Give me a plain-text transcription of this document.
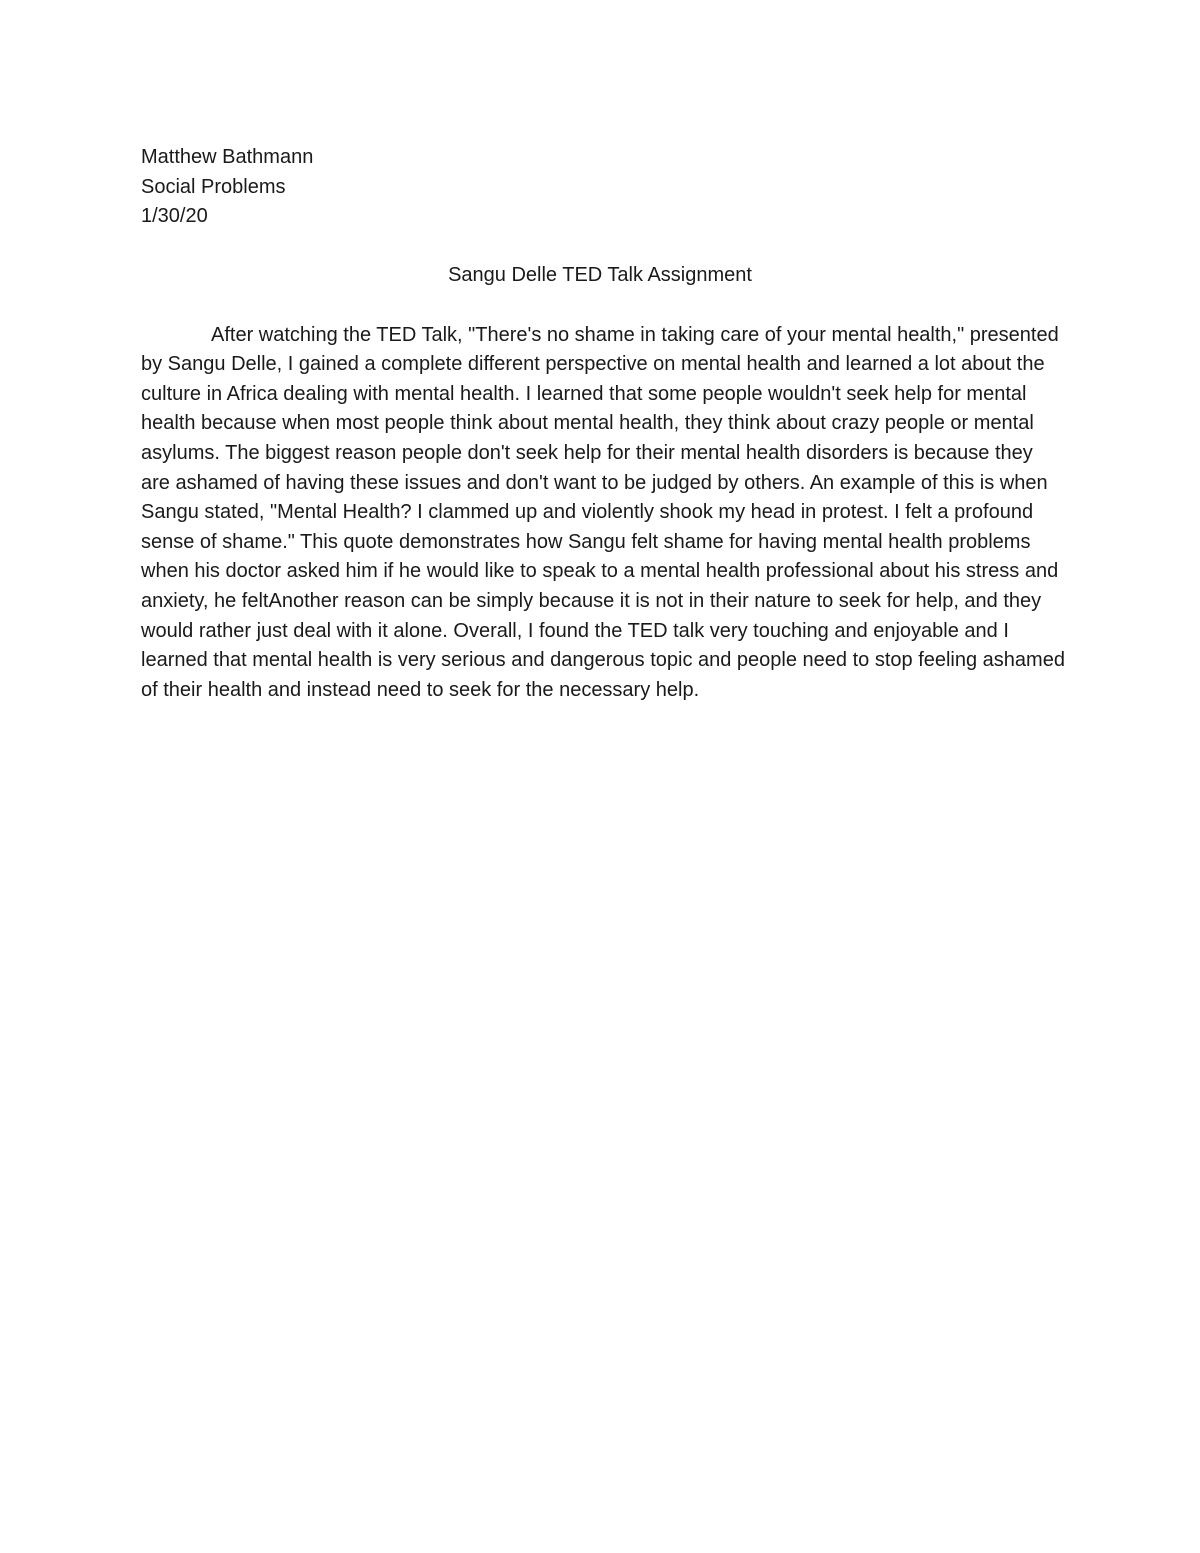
Matthew Bathmann
Social Problems
1/30/20
Sangu Delle TED Talk Assignment

After watching the TED Talk, "There's no shame in taking care of your mental health," presented by Sangu Delle, I gained a complete different perspective on mental health and learned a lot about the culture in Africa dealing with mental health. I learned that some people wouldn't seek help for mental health because when most people think about mental health, they think about crazy people or mental asylums. The biggest reason people don't seek help for their mental health disorders is because they are ashamed of having these issues and don't want to be judged by others. An example of this is when Sangu stated, "Mental Health? I clammed up and violently shook my head in protest. I felt a profound sense of shame." This quote demonstrates how Sangu felt shame for having mental health problems when his doctor asked him if he would like to speak to a mental health professional about his stress and anxiety, he feltAnother reason can be simply because it is not in their nature to seek for help, and they would rather just deal with it alone. Overall, I found the TED talk very touching and enjoyable and I learned that mental health is very serious and dangerous topic and people need to stop feeling ashamed of their health and instead need to seek for the necessary help.
